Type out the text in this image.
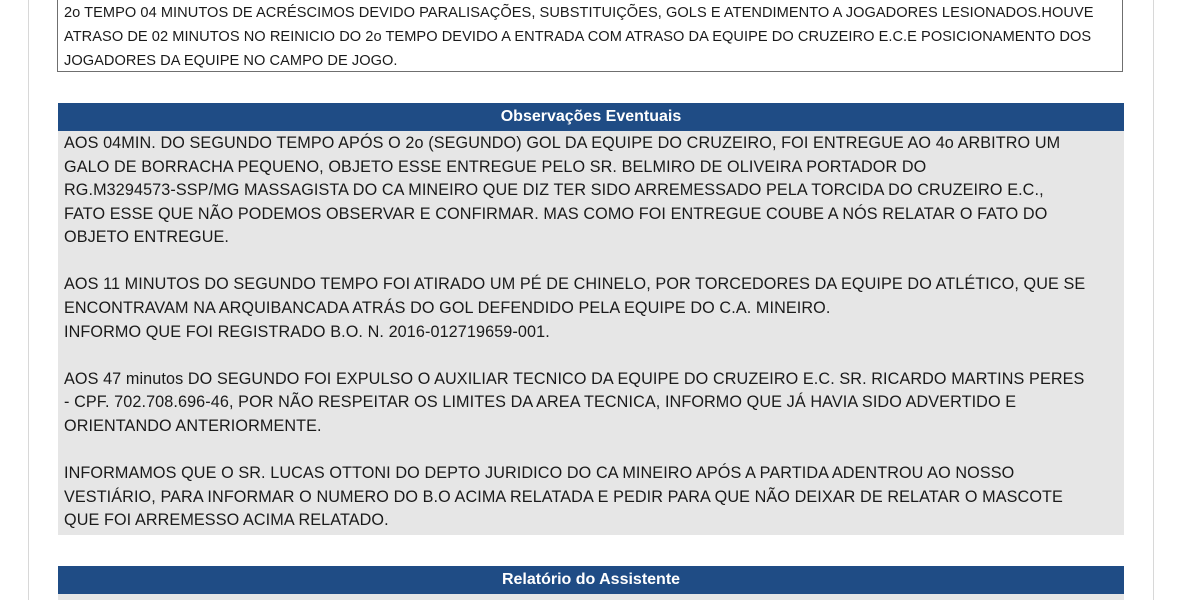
2o TEMPO 04 MINUTOS DE ACRÉSCIMOS DEVIDO PARALISAÇÕES, SUBSTITUIÇÕES, GOLS E ATENDIMENTO A JOGADORES LESIONADOS.HOUVE

ATRASO DE 02 MINUTOS NO REINICIO DO 2o TEMPO DEVIDO A ENTRADA COM ATRASO DA EQUIPE DO CRUZEIRO E.C.E POSICIONAMENTO DOS

JOGADORES DA EQUIPE NO CAMPO DE JOGO.

Observações Eventuais

AOS 04MIN. DO SEGUNDO TEMPO APÓS O 2o (SEGUNDO) GOL DA EQUIPE DO CRUZEIRO, FOI ENTREGUE AO 4o ARBITRO UM
GALO DE BORRACHA PEQUENO, OBJETO ESSE ENTREGUE PELO SR. BELMIRO DE OLIVEIRA PORTADOR DO
RG.M3294573-SSP/MG MASSAGISTA DO CA MINEIRO QUE DIZ TER SIDO ARREMESSADO PELA TORCIDA DO CRUZEIRO E.C.,
FATO ESSE QUE NÃO PODEMOS OBSERVAR E CONFIRMAR. MAS COMO FOI ENTREGUE COUBE A NÓS RELATAR O FATO DO
OBJETO ENTREGUE.

AOS 11 MINUTOS DO SEGUNDO TEMPO FOI ATIRADO UM PÉ DE CHINELO, POR TORCEDORES DA EQUIPE DO ATLÉTICO, QUE SE
ENCONTRAVAM NA ARQUIBANCADA ATRÁS DO GOL DEFENDIDO PELA EQUIPE DO C.A. MINEIRO.
INFORMO QUE FOI REGISTRADO B.O. N. 2016-012719659-001.

AOS 47 minutos DO SEGUNDO FOI EXPULSO O AUXILIAR TECNICO DA EQUIPE DO CRUZEIRO E.C. SR. RICARDO MARTINS PERES
- CPF. 702.708.696-46, POR NÃO RESPEITAR OS LIMITES DA AREA TECNICA, INFORMO QUE JÁ HAVIA SIDO ADVERTIDO E
ORIENTANDO ANTERIORMENTE.

INFORMAMOS QUE O SR. LUCAS OTTONI DO DEPTO JURIDICO DO CA MINEIRO APÓS A PARTIDA ADENTROU AO NOSSO
VESTIÁRIO, PARA INFORMAR O NUMERO DO B.O ACIMA RELATADA E PEDIR PARA QUE NÃO DEIXAR DE RELATAR O MASCOTE
QUE FOI ARREMESSO ACIMA RELATADO.

Relatório do Assistente
